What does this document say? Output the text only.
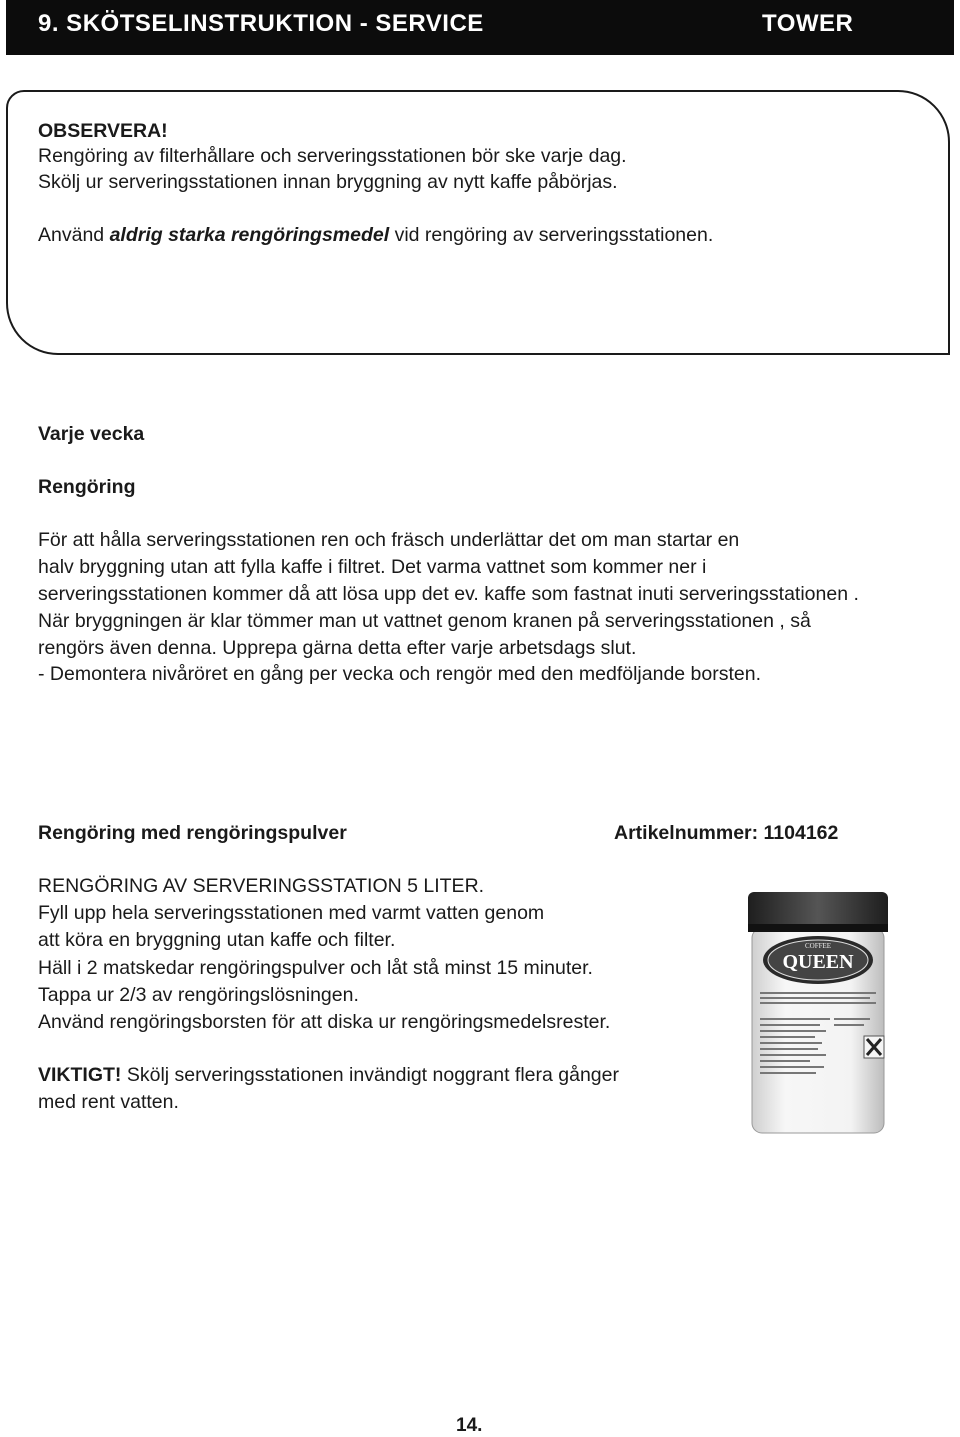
9. SKÖTSELINSTRUKTION - SERVICE	TOWER
OBSERVERA!
Rengöring av filterhållare och serveringsstationen bör ske varje dag.
Skölj ur serveringsstationen innan bryggning av nytt kaffe påbörjas.
Använd aldrig starka rengöringsmedel vid rengöring av serveringsstationen.
Varje vecka
Rengöring
För att hålla serveringsstationen ren och fräsch underlättar det om man startar en
halv bryggning utan att fylla kaffe i filtret. Det varma vattnet som kommer ner i
serveringsstationen kommer då att lösa upp det ev. kaffe som fastnat inuti serveringsstationen .
När bryggningen är klar tömmer man ut vattnet genom kranen på serveringsstationen , så
rengörs även denna. Upprepa gärna detta efter varje arbetsdags slut.
- Demontera nivåröret en gång per vecka och rengör med den medföljande borsten.
Rengöring med rengöringspulver	Artikelnummer: 1104162
RENGÖRING AV SERVERINGSSTATION 5 LITER.
Fyll upp hela serveringsstationen med varmt vatten genom
att köra en bryggning utan kaffe och filter.
Häll i 2 matskedar rengöringspulver och låt stå minst 15 minuter.
Tappa ur 2/3 av rengöringslösningen.
Använd rengöringsborsten för att diska ur rengöringsmedelsrester.
VIKTIGT! Skölj serveringsstationen invändigt noggrant flera gånger
med rent vatten.
COFFEE
QUEEN
14.
